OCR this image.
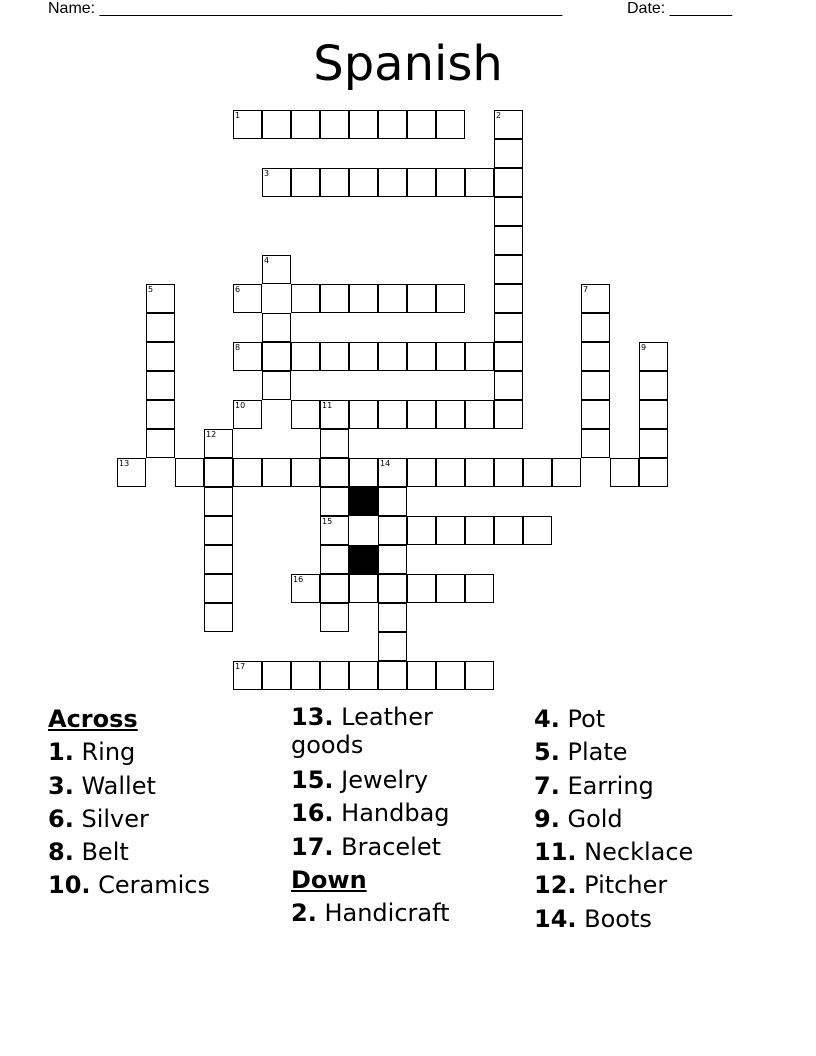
Name: ____________________________________________________	Date: _______
Spanish
1
3
2
4
6
5	7
8	9
10	11
12
13	14
15
16
17
Across
1. Ring
3. Wallet
6. Silver
8. Belt
10. Ceramics
13. Leather goods
15. Jewelry
16. Handbag
17. Bracelet
Down
2. Handicraft
4. Pot
5. Plate
7. Earring
9. Gold
11. Necklace
12. Pitcher
14. Boots
